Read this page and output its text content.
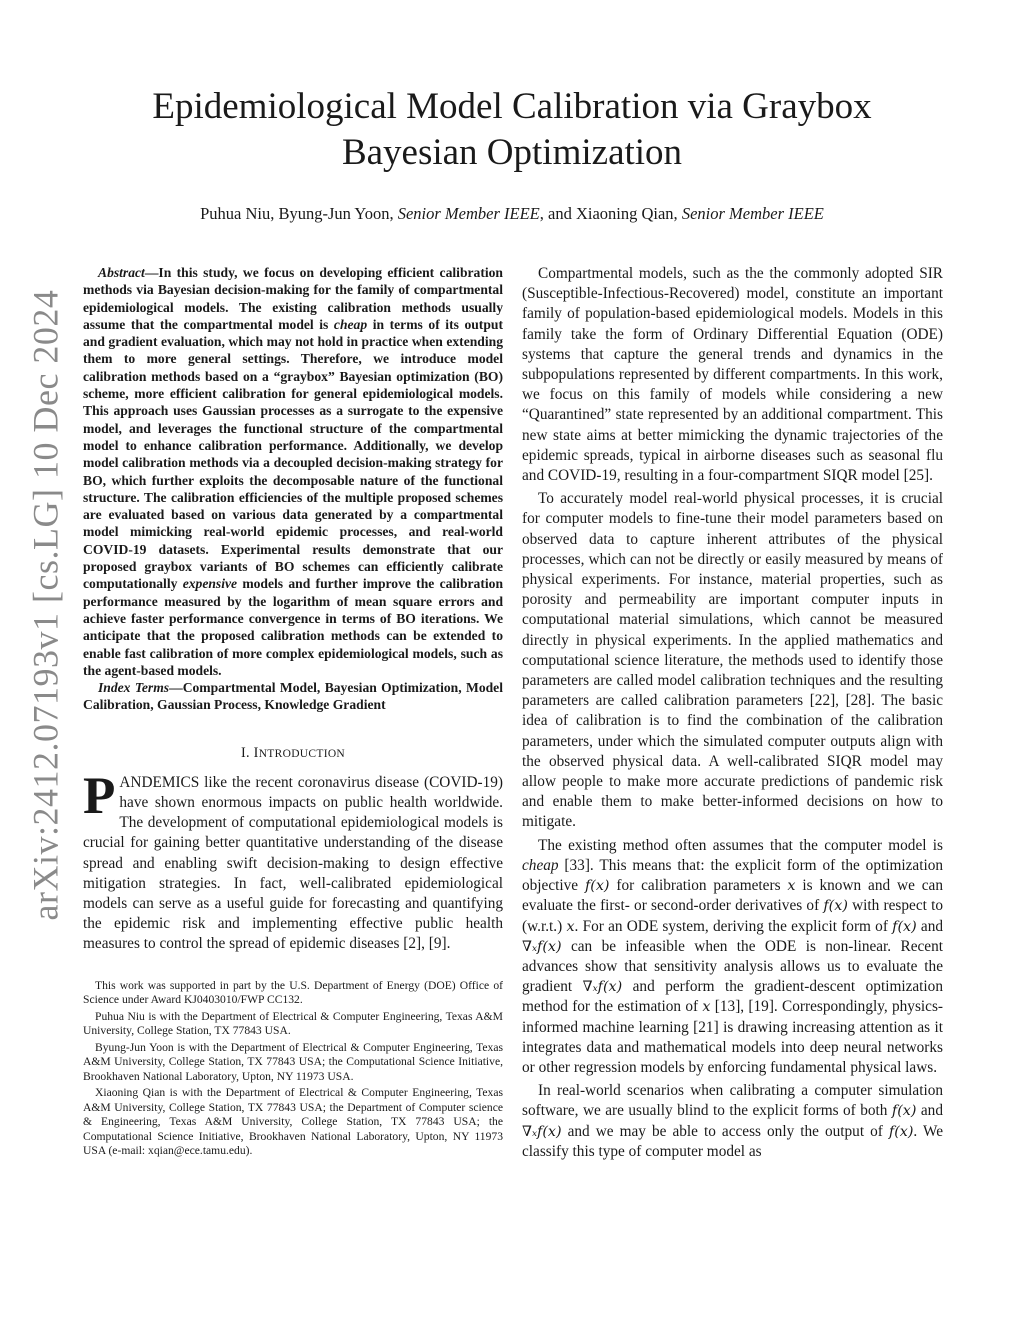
arXiv:2412.07193v1 [cs.LG] 10 Dec 2024
Epidemiological Model Calibration via Graybox
Bayesian Optimization
Puhua Niu, Byung-Jun Yoon, Senior Member IEEE, and Xiaoning Qian, Senior Member IEEE

Abstract—In this study, we focus on developing efficient calibration methods via Bayesian decision-making for the family of compartmental epidemiological models. The existing calibration methods usually assume that the compartmental model is cheap in terms of its output and gradient evaluation, which may not hold in practice when extending them to more general settings. Therefore, we introduce model calibration methods based on a “graybox” Bayesian optimization (BO) scheme, more efficient calibration for general epidemiological models. This approach uses Gaussian processes as a surrogate to the expensive model, and leverages the functional structure of the compartmental model to enhance calibration performance. Additionally, we develop model calibration methods via a decoupled decision-making strategy for BO, which further exploits the decomposable nature of the functional structure. The calibration efficiencies of the multiple proposed schemes are evaluated based on various data generated by a compartmental model mimicking real-world epidemic processes, and real-world COVID-19 datasets. Experimental results demonstrate that our proposed graybox variants of BO schemes can efficiently calibrate computationally expensive models and further improve the calibration performance measured by the logarithm of mean square errors and achieve faster performance convergence in terms of BO iterations. We anticipate that the proposed calibration methods can be extended to enable fast calibration of more complex epidemiological models, such as the agent-based models.

Index Terms—Compartmental Model, Bayesian Optimization, Model Calibration, Gaussian Process, Knowledge Gradient

I. INTRODUCTION

PANDEMICS like the recent coronavirus disease (COVID-19) have shown enormous impacts on public health worldwide. The development of computational epidemiological models is crucial for gaining better quantitative understanding of the disease spread and enabling swift decision-making to design effective mitigation strategies. In fact, well-calibrated epidemiological models can serve as a useful guide for forecasting and quantifying the epidemic risk and implementing effective public health measures to control the spread of epidemic diseases [2], [9].

This work was supported in part by the U.S. Department of Energy (DOE) Office of Science under Award KJ0403010/FWP CC132.

Puhua Niu is with the Department of Electrical & Computer Engineering, Texas A&M University, College Station, TX 77843 USA.

Byung-Jun Yoon is with the Department of Electrical & Computer Engineering, Texas A&M University, College Station, TX 77843 USA; the Computational Science Initiative, Brookhaven National Laboratory, Upton, NY 11973 USA.

Xiaoning Qian is with the Department of Electrical & Computer Engineering, Texas A&M University, College Station, TX 77843 USA; the Department of Computer science & Engineering, Texas A&M University, College Station, TX 77843 USA; the Computational Science Initiative, Brookhaven National Laboratory, Upton, NY 11973 USA (e-mail: xqian@ece.tamu.edu).

Compartmental models, such as the the commonly adopted SIR (Susceptible-Infectious-Recovered) model, constitute an important family of population-based epidemiological models. Models in this family take the form of Ordinary Differential Equation (ODE) systems that capture the general trends and dynamics in the subpopulations represented by different compartments. In this work, we focus on this family of models while considering a new “Quarantined” state represented by an additional compartment. This new state aims at better mimicking the dynamic trajectories of the epidemic spreads, typical in airborne diseases such as seasonal flu and COVID-19, resulting in a four-compartment SIQR model [25].

To accurately model real-world physical processes, it is crucial for computer models to fine-tune their model parameters based on observed data to capture inherent attributes of the physical processes, which can not be directly or easily measured by means of physical experiments. For instance, material properties, such as porosity and permeability are important computer inputs in computational material simulations, which cannot be measured directly in physical experiments. In the applied mathematics and computational science literature, the methods used to identify those parameters are called model calibration techniques and the resulting parameters are called calibration parameters [22], [28]. The basic idea of calibration is to find the combination of the calibration parameters, under which the simulated computer outputs align with the observed physical data. A well-calibrated SIQR model may allow people to make more accurate predictions of pandemic risk and enable them to make better-informed decisions on how to mitigate.

The existing method often assumes that the computer model is cheap [33]. This means that: the explicit form of the optimization objective f(x) for calibration parameters x is known and we can evaluate the first- or second-order derivatives of f(x) with respect to (w.r.t.) x. For an ODE system, deriving the explicit form of f(x) and ∇ₓf(x) can be infeasible when the ODE is non-linear. Recent advances show that sensitivity analysis allows us to evaluate the gradient ∇ₓf(x) and perform the gradient-descent optimization method for the estimation of x [13], [19]. Correspondingly, physics-informed machine learning [21] is drawing increasing attention as it integrates data and mathematical models into deep neural networks or other regression models by enforcing fundamental physical laws.

In real-world scenarios when calibrating a computer simulation software, we are usually blind to the explicit forms of both f(x) and ∇ₓf(x) and we may be able to access only the output of f(x). We classify this type of computer model as
